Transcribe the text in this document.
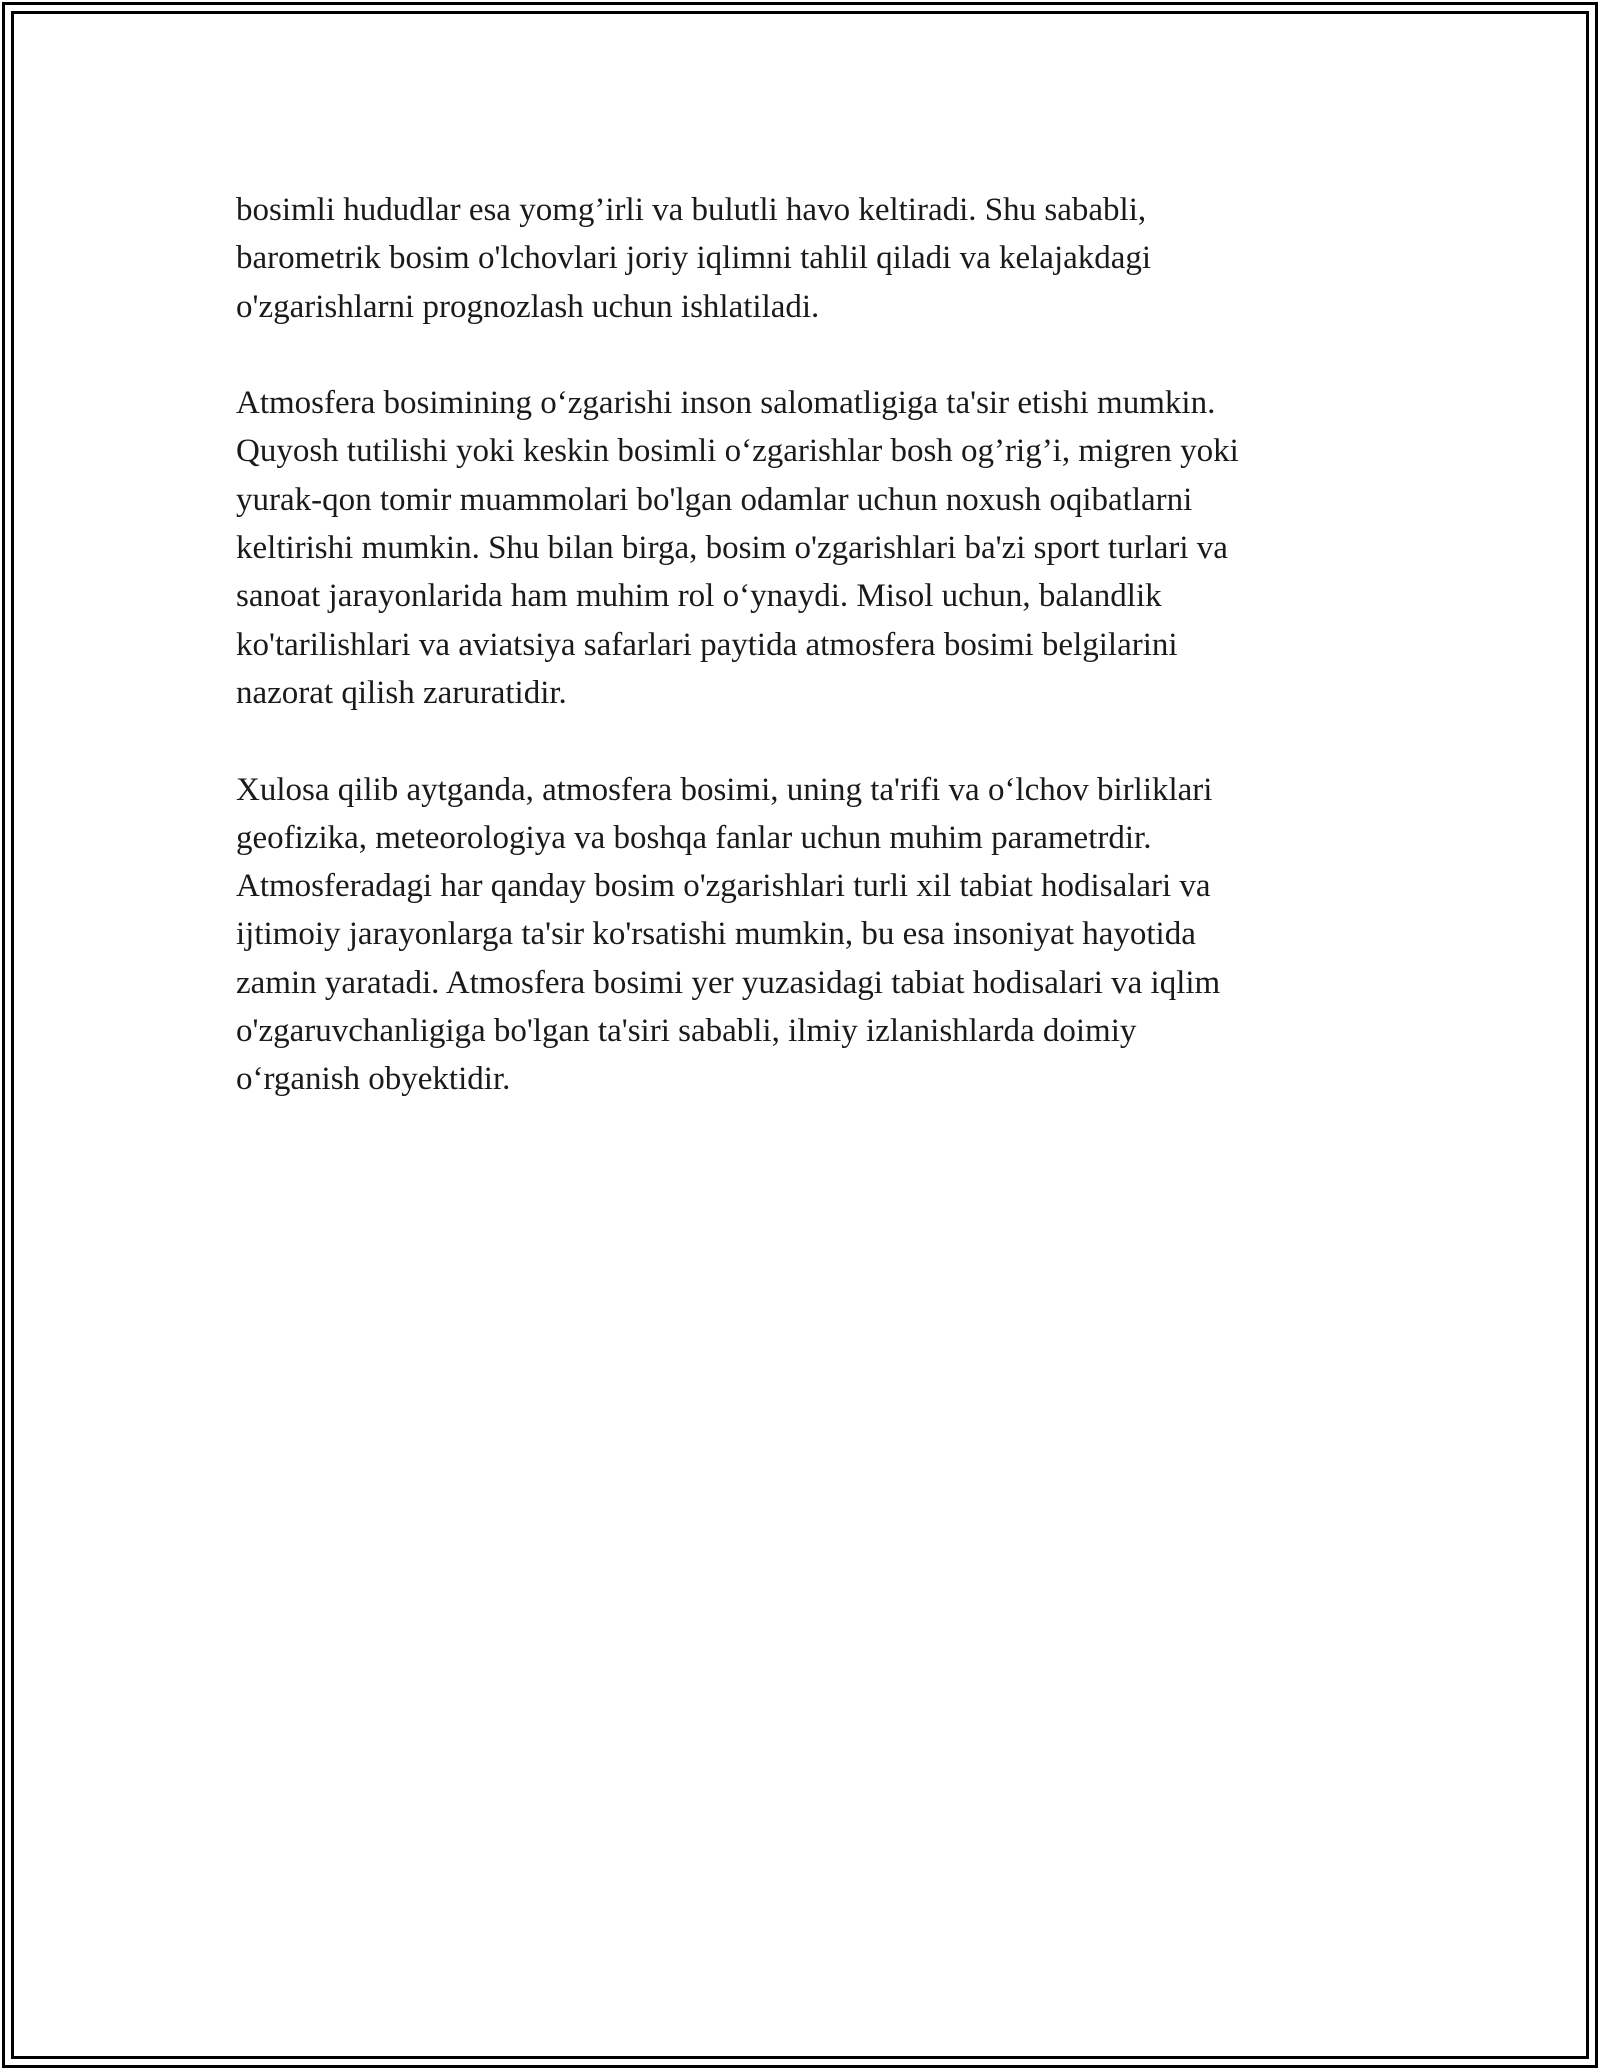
bosimli hududlar esa yomg’irli va bulutli havo keltiradi. Shu sababli,
barometrik bosim o'lchovlari joriy iqlimni tahlil qiladi va kelajakdagi
o'zgarishlarni prognozlash uchun ishlatiladi.

Atmosfera bosimining o‘zgarishi inson salomatligiga ta'sir etishi mumkin.
Quyosh tutilishi yoki keskin bosimli o‘zgarishlar bosh og’rig’i, migren yoki
yurak-qon tomir muammolari bo'lgan odamlar uchun noxush oqibatlarni
keltirishi mumkin. Shu bilan birga, bosim o'zgarishlari ba'zi sport turlari va
sanoat jarayonlarida ham muhim rol o‘ynaydi. Misol uchun, balandlik
ko'tarilishlari va aviatsiya safarlari paytida atmosfera bosimi belgilarini
nazorat qilish zaruratidir.

Xulosa qilib aytganda, atmosfera bosimi, uning ta'rifi va o‘lchov birliklari
geofizika, meteorologiya va boshqa fanlar uchun muhim parametrdir.
Atmosferadagi har qanday bosim o'zgarishlari turli xil tabiat hodisalari va
ijtimoiy jarayonlarga ta'sir ko'rsatishi mumkin, bu esa insoniyat hayotida
zamin yaratadi. Atmosfera bosimi yer yuzasidagi tabiat hodisalari va iqlim
o'zgaruvchanligiga bo'lgan ta'siri sababli, ilmiy izlanishlarda doimiy
o‘rganish obyektidir.
